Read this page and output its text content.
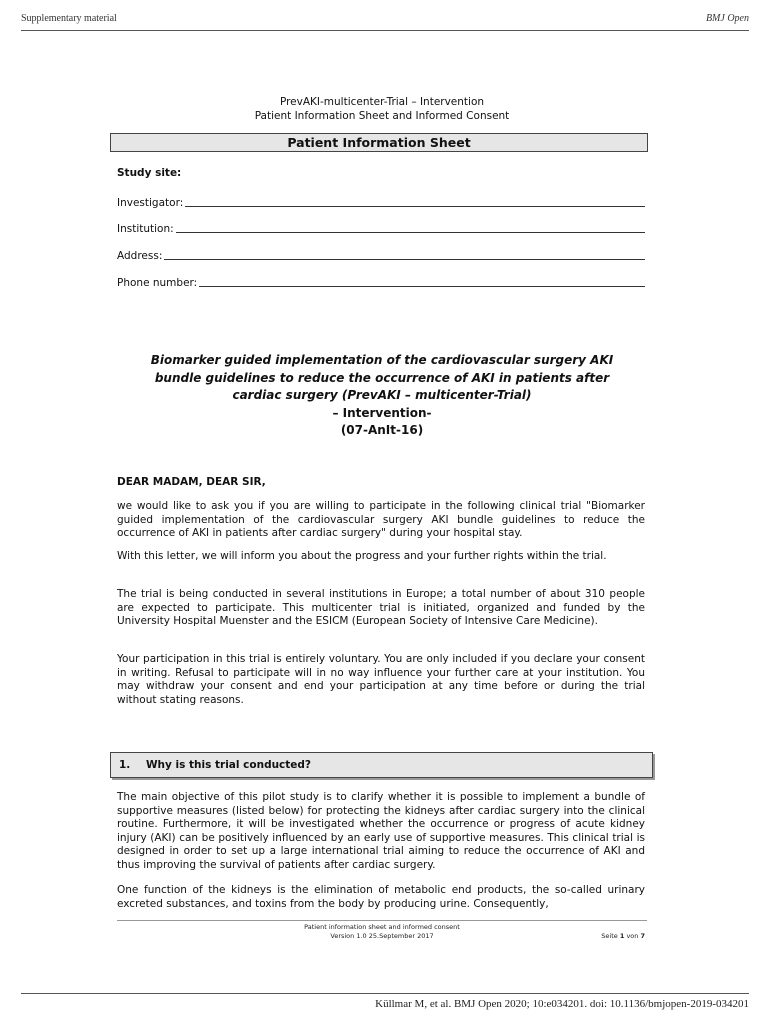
Supplementary material	BMJ Open
PrevAKI-multicenter-Trial – Intervention
Patient Information Sheet and Informed Consent
Patient Information Sheet
Study site:
Investigator:
Institution:
Address:
Phone number:
Biomarker guided implementation of the cardiovascular surgery AKI
bundle guidelines to reduce the occurrence of AKI in patients after
cardiac surgery (PrevAKI – multicenter-Trial)
– Intervention-
(07-AnIt-16)
DEAR MADAM, DEAR SIR,

we would like to ask you if you are willing to participate in the following clinical trial "Biomarker guided implementation of the cardiovascular surgery AKI bundle guidelines to reduce the occurrence of AKI in patients after cardiac surgery" during your hospital stay.

With this letter, we will inform you about the progress and your further rights within the trial.

The trial is being conducted in several institutions in Europe; a total number of about 310 people are expected to participate. This multicenter trial is initiated, organized and funded by the University Hospital Muenster and the ESICM (European Society of Intensive Care Medicine).

Your participation in this trial is entirely voluntary. You are only included if you declare your consent in writing. Refusal to participate will in no way influence your further care at your institution. You may withdraw your consent and end your participation at any time before or during the trial without stating reasons.

1. Why is this trial conducted?

The main objective of this pilot study is to clarify whether it is possible to implement a bundle of supportive measures (listed below) for protecting the kidneys after cardiac surgery into the clinical routine. Furthermore, it will be investigated whether the occurrence or progress of acute kidney injury (AKI) can be positively influenced by an early use of supportive measures. This clinical trial is designed in order to set up a large international trial aiming to reduce the occurrence of AKI and thus improving the survival of patients after cardiac surgery.

One function of the kidneys is the elimination of metabolic end products, the so-called urinary excreted substances, and toxins from the body by producing urine. Consequently,

Patient information sheet and informed consent
Version 1.0 25.September 2017	Seite 1 von 7
Küllmar M, et al. BMJ Open 2020; 10:e034201. doi: 10.1136/bmjopen-2019-034201
